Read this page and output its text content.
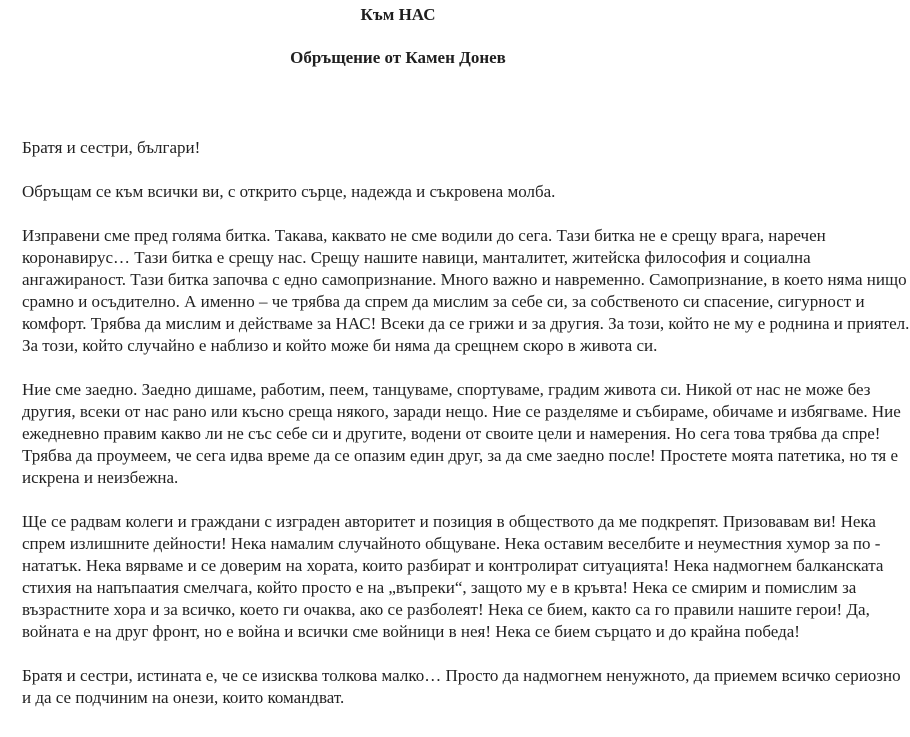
Към НАС
Обръщение от Камен Донев

Братя и сестри, българи!

Обръщам се към всички ви, с открито сърце, надежда и съкровена молба.

Изправени сме пред голяма битка. Такава, каквато не сме водили до сега. Тази битка не е срещу врага, наречен коронавирус… Тази битка е срещу нас. Срещу нашите навици, манталитет, житейска философия и социална ангажираност. Тази битка започва с едно самопризнание. Много важно и навременно. Самопризнание, в което няма нищо срамно и осъдително. А именно – че трябва да спрем да мислим за себе си, за собственото си спасение, сигурност и комфорт. Трябва да мислим и действаме за НАС! Всеки да се грижи и за другия. За този, който не му е роднина и приятел. За този, който случайно е наблизо и който може би няма да срещнем скоро в живота си.

Ние сме заедно. Заедно дишаме, работим, пеем, танцуваме, спортуваме, градим живота си. Никой от нас не може без другия, всеки от нас рано или късно среща някого, заради нещо. Ние се разделяме и събираме, обичаме и избягваме. Ние ежедневно правим какво ли не със себе си и другите, водени от своите цели и намерения. Но сега това трябва да спре! Трябва да проумеем, че сега идва време да се опазим един друг, за да сме заедно после! Простете моята патетика, но тя е искрена и неизбежна.

Ще се радвам колеги и граждани с изграден авторитет и позиция в обществото да ме подкрепят. Призовавам ви! Нека спрем излишните дейности! Нека намалим случайното общуване. Нека оставим веселбите и неуместния хумор за по - нататък. Нека вярваме и се доверим на хората, които разбират и контролират ситуацията! Нека надмогнем балканската стихия на напъпаатия смелчага, който просто е на „въпреки“, защото му е в кръвта! Нека се смирим и помислим за възрастните хора и за всичко, което ги очаква, ако се разболеят! Нека се бием, както са го правили нашите герои! Да, войната е на друг фронт, но е война и всички сме войници в нея! Нека се бием сърцато и до крайна победа!

Братя и сестри, истината е, че се изисква толкова малко… Просто да надмогнем ненужното, да приемем всичко сериозно и да се подчиним на онези, които командват.
